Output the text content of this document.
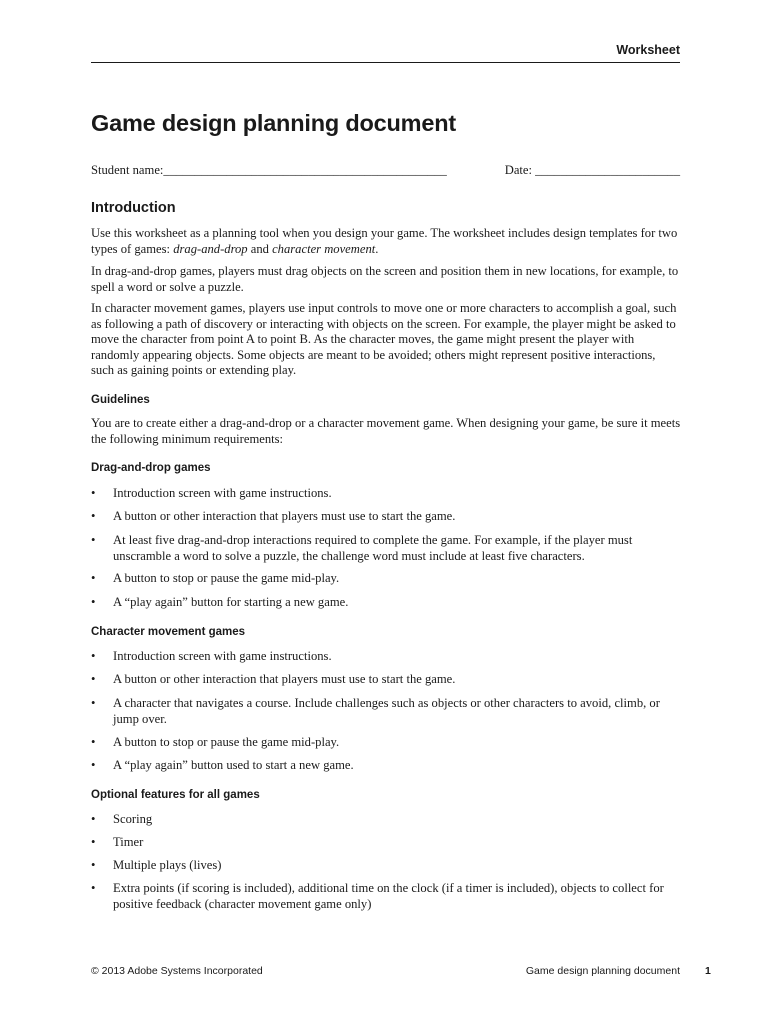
Worksheet
Game design planning document
Student name:_____________________________________________	Date: _______________________
Introduction

Use this worksheet as a planning tool when you design your game. The worksheet includes design templates for two types of games: drag-and-drop and character movement.

In drag-and-drop games, players must drag objects on the screen and position them in new locations, for example, to spell a word or solve a puzzle.

In character movement games, players use input controls to move one or more characters to accomplish a goal, such as following a path of discovery or interacting with objects on the screen. For example, the player might be asked to move the character from point A to point B. As the character moves, the game might present the player with randomly appearing objects. Some objects are meant to be avoided; others might represent positive interactions, such as gaining points or extending play.

Guidelines

You are to create either a drag-and-drop or a character movement game. When designing your game, be sure it meets the following minimum requirements:

Drag-and-drop games
• Introduction screen with game instructions.
• A button or other interaction that players must use to start the game.
• At least five drag-and-drop interactions required to complete the game. For example, if the player must unscramble a word to solve a puzzle, the challenge word must include at least five characters.
• A button to stop or pause the game mid-play.
• A “play again” button for starting a new game.
Character movement games
• Introduction screen with game instructions.
• A button or other interaction that players must use to start the game.
• A character that navigates a course. Include challenges such as objects or other characters to avoid, climb, or jump over.
• A button to stop or pause the game mid-play.
• A “play again” button used to start a new game.
Optional features for all games
• Scoring
• Timer
• Multiple plays (lives)
• Extra points (if scoring is included), additional time on the clock (if a timer is included), objects to collect for positive feedback (character movement game only)
© 2013 Adobe Systems Incorporated	Game design planning document 1
